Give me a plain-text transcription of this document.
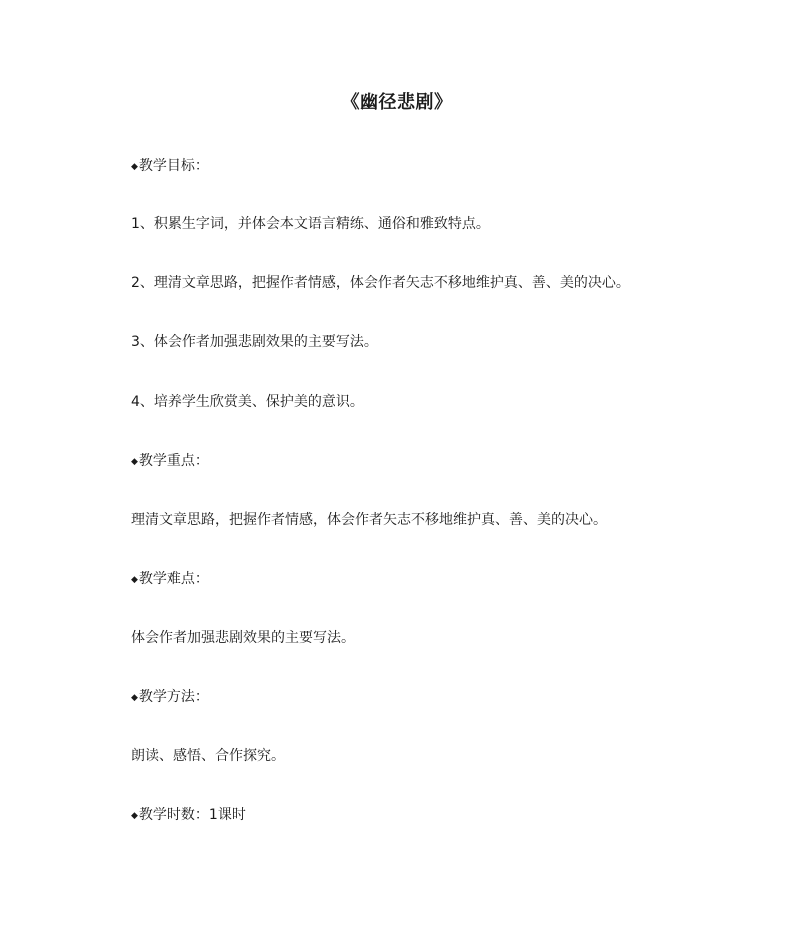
《幽径悲剧》
◆教学目标：
1、积累生字词，并体会本文语言精练、通俗和雅致特点。
2、理清文章思路，把握作者情感，体会作者矢志不移地维护真、善、美的决心。
3、体会作者加强悲剧效果的主要写法。
4、培养学生欣赏美、保护美的意识。
◆教学重点：
理清文章思路，把握作者情感，体会作者矢志不移地维护真、善、美的决心。
◆教学难点：
体会作者加强悲剧效果的主要写法。
◆教学方法：
朗读、感悟、合作探究。
◆教学时数：1课时
